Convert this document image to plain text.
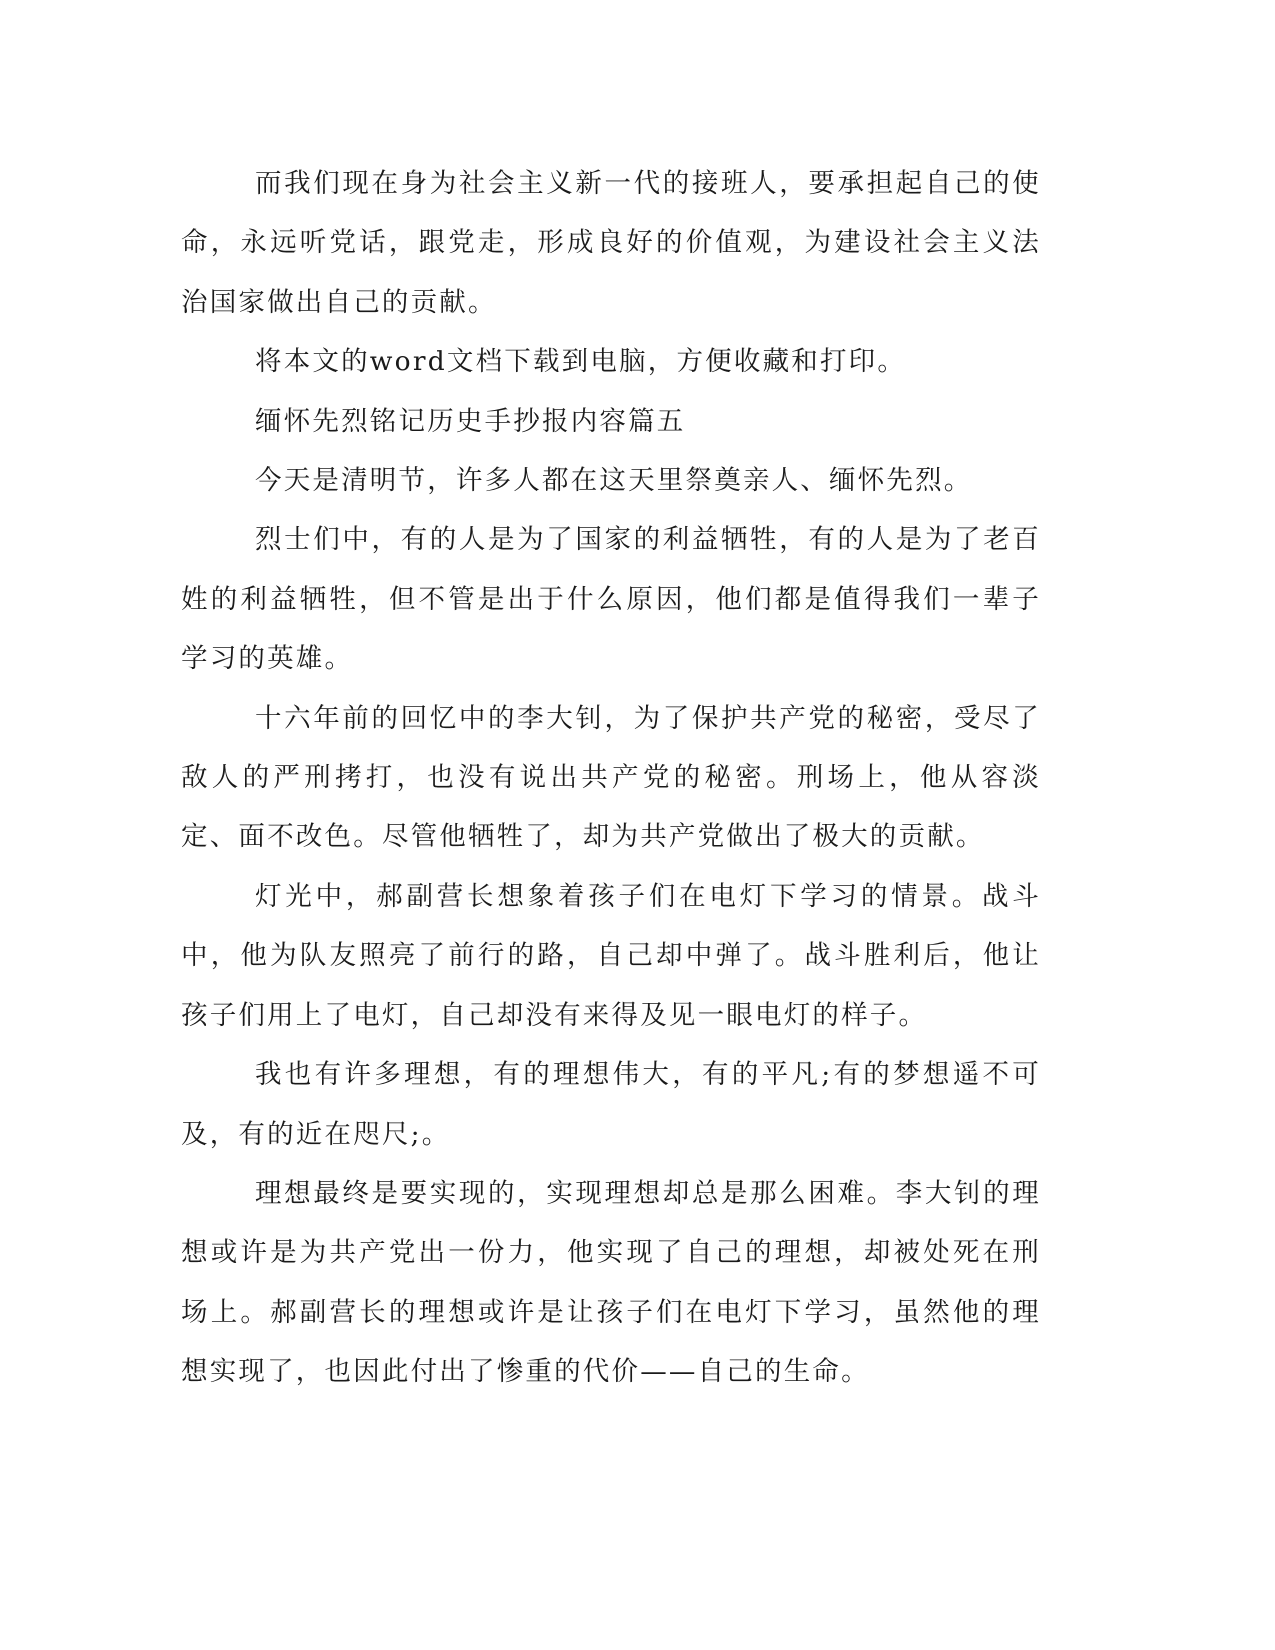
而我们现在身为社会主义新一代的接班人，要承担起自己的使命，永远听党话，跟党走，形成良好的价值观，为建设社会主义法治国家做出自己的贡献。

将本文的word文档下载到电脑，方便收藏和打印。

缅怀先烈铭记历史手抄报内容篇五

今天是清明节，许多人都在这天里祭奠亲人、缅怀先烈。

烈士们中，有的人是为了国家的利益牺牲，有的人是为了老百姓的利益牺牲，但不管是出于什么原因，他们都是值得我们一辈子学习的英雄。

十六年前的回忆中的李大钊，为了保护共产党的秘密，受尽了敌人的严刑拷打，也没有说出共产党的秘密。刑场上，他从容淡定、面不改色。尽管他牺牲了，却为共产党做出了极大的贡献。

灯光中，郝副营长想象着孩子们在电灯下学习的情景。战斗中，他为队友照亮了前行的路，自己却中弹了。战斗胜利后，他让孩子们用上了电灯，自己却没有来得及见一眼电灯的样子。

我也有许多理想，有的理想伟大，有的平凡;有的梦想遥不可及，有的近在咫尺;。

理想最终是要实现的，实现理想却总是那么困难。李大钊的理想或许是为共产党出一份力，他实现了自己的理想，却被处死在刑场上。郝副营长的理想或许是让孩子们在电灯下学习，虽然他的理想实现了，也因此付出了惨重的代价——自己的生命。
